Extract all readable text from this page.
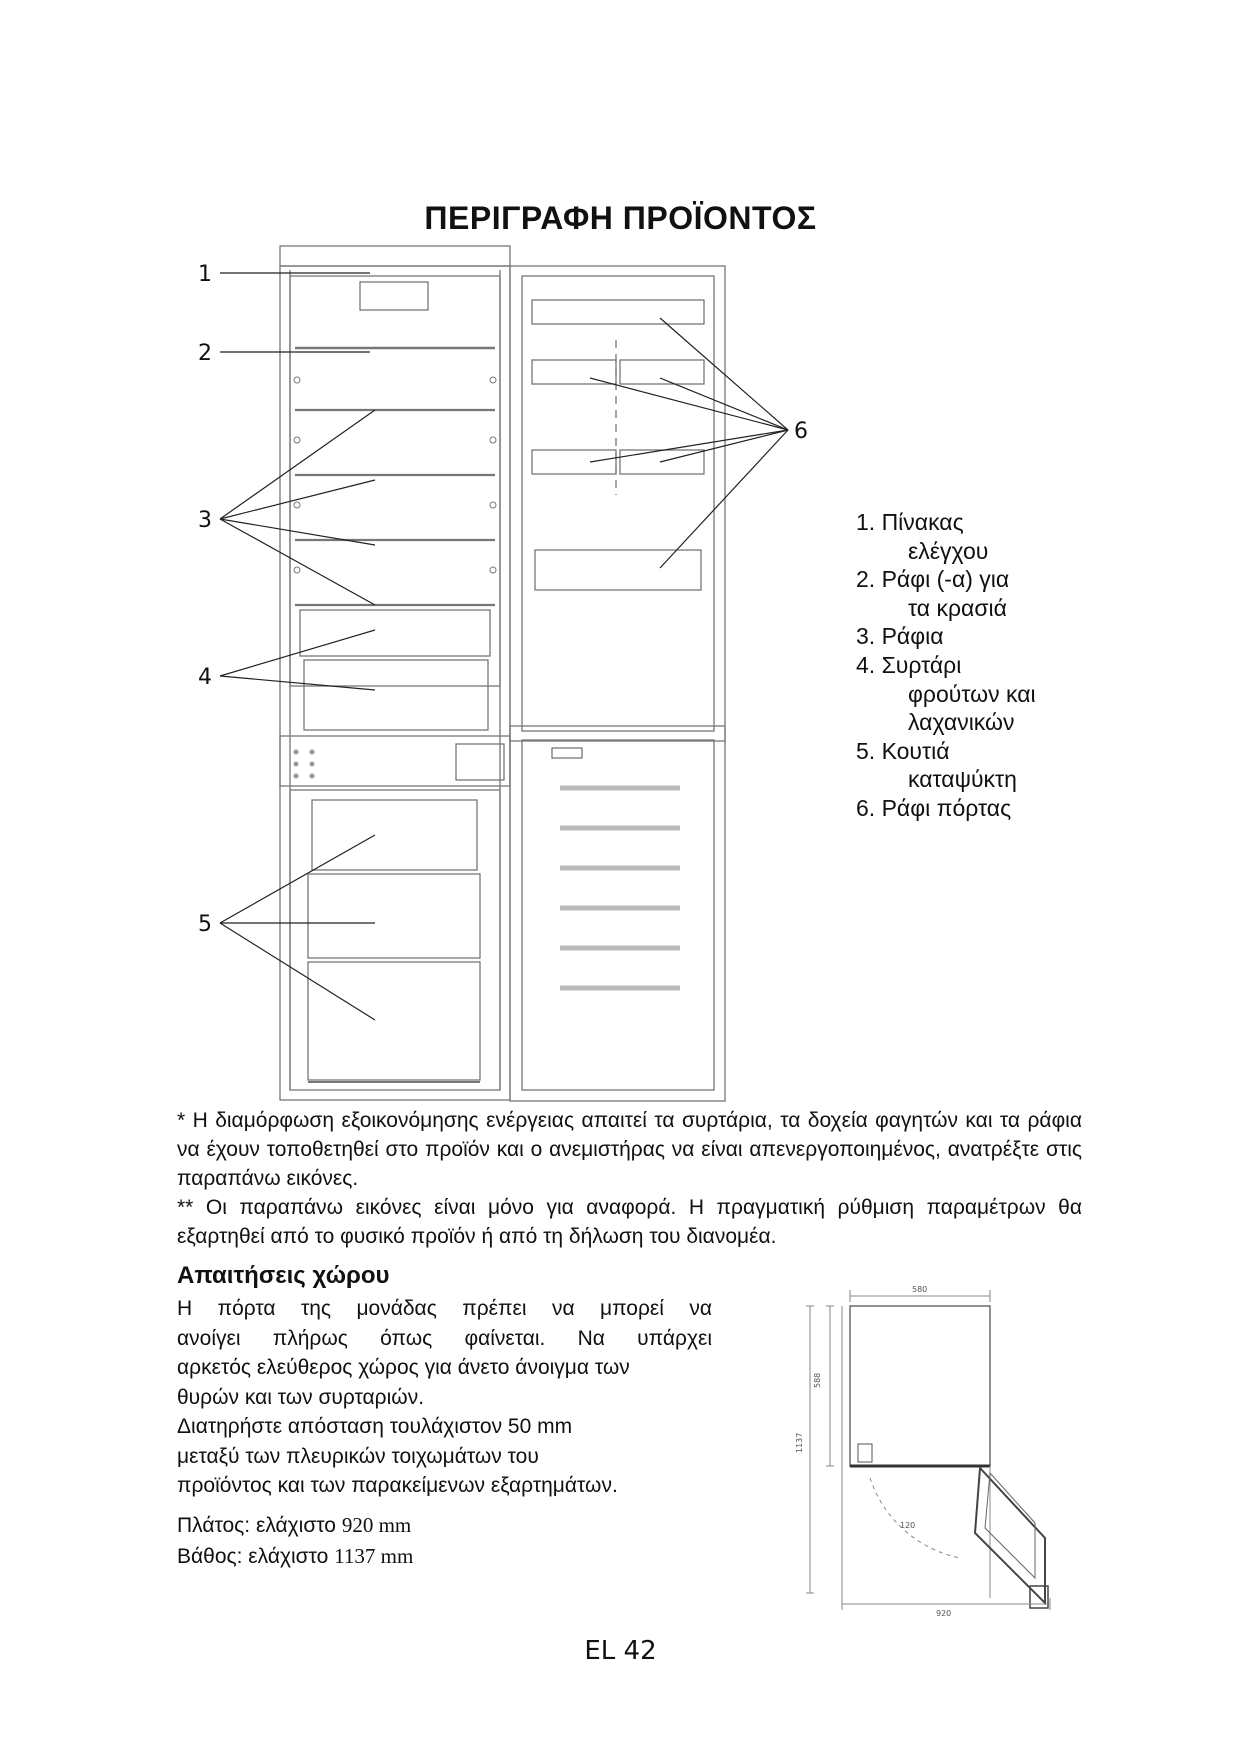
ΠΕΡΙΓΡΑΦΗ ΠΡΟΪΟΝΤΟΣ
1
2
3
4
5
6
1. Πίνακας
ελέγχου
2. Ράφι (-α) για
τα κρασιά
3. Ράφια
4. Συρτάρι
φρούτων και
λαχανικών
5. Κουτιά
καταψύκτη
6. Ράφι πόρτας

* Η διαμόρφωση εξοικονόμησης ενέργειας απαιτεί τα συρτάρια, τα δοχεία φαγητών και τα ράφια να έχουν τοποθετηθεί στο προϊόν και ο ανεμιστήρας να είναι απενεργοποιημένος, ανατρέξτε στις παραπάνω εικόνες.

** Οι παραπάνω εικόνες είναι μόνο για αναφορά. Η πραγματική ρύθμιση παραμέτρων θα εξαρτηθεί από το φυσικό προϊόν ή από τη δήλωση του διανομέα.

Απαιτήσεις χώρου

Η πόρτα της μονάδας πρέπει να μπορεί να

ανοίγει πλήρως όπως φαίνεται. Να υπάρχει

αρκετός ελεύθερος χώρος για άνετο άνοιγμα των

θυρών και των συρταριών.

Διατηρήστε απόσταση τουλάχιστον 50 mm

μεταξύ των πλευρικών τοιχωμάτων του

προϊόντος και των παρακείμενων εξαρτημάτων.

Πλάτος: ελάχιστο 920 mm
Βάθος: ελάχιστο 1137 mm
580
588
1137
120
920
EL 42
